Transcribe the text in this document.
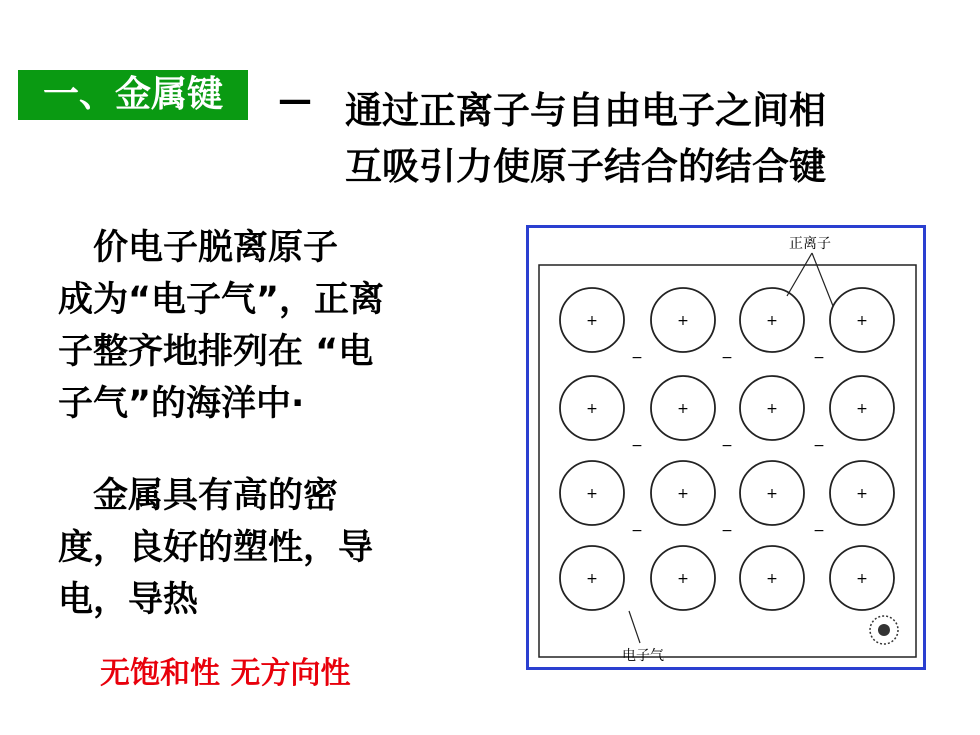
一、金属键	— 通过正离子与自由电子之间相
互吸引力使原子结合的结合键
　价电子脱离原子
成为“电子气”，正离
子整齐地排列在 “电
子气”的海洋中·
　金属具有高的密
度，良好的塑性，导
电，导热
无饱和性 无方向性
正离子
电子气
+	+	+	+
−	−	−
+	+	+	+
−	−	−
+	+	+	+
−	−	−
+	+	+	+
